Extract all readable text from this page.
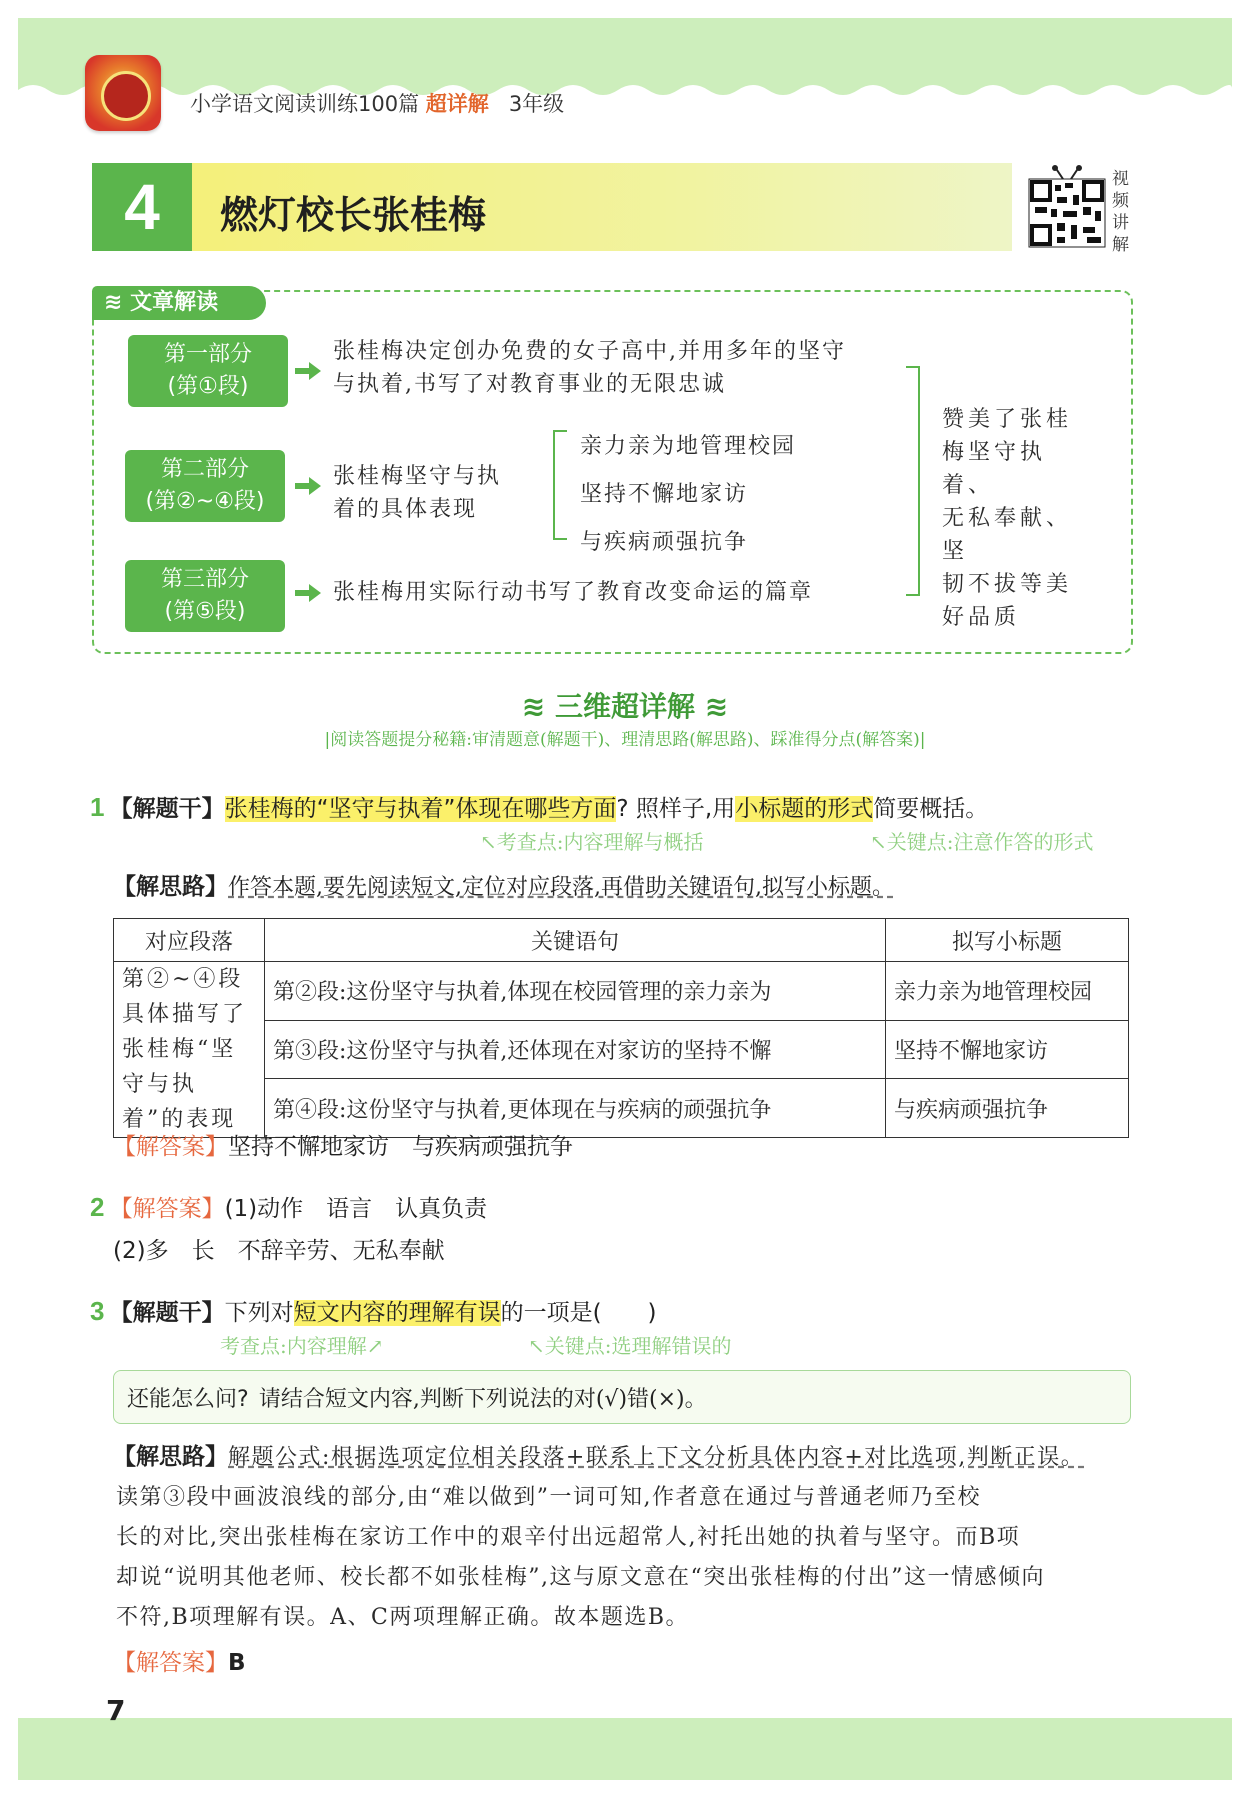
小学语文阅读训练100篇 超详解 3年级
4	燃灯校长张桂梅
视
频
讲
解
≋ 文章解读
第一部分
(第①段)
张桂梅决定创办免费的女子高中,并用多年的坚守
与执着,书写了对教育事业的无限忠诚
第二部分
(第②~④段)
张桂梅坚守与执
着的具体表现
亲力亲为地管理校园
坚持不懈地家访
与疾病顽强抗争
第三部分
(第⑤段)
张桂梅用实际行动书写了教育改变命运的篇章
赞美了张桂
梅坚守执着、
无私奉献、坚
韧不拔等美
好品质
≋ 三维超详解 ≋
|阅读答题提分秘籍:审清题意(解题干)、理清思路(解思路)、踩准得分点(解答案)|
1 【解题干】张桂梅的“坚守与执着”体现在哪些方面? 照样子,用小标题的形式简要概括。
↖考查点:内容理解与概括	↖关键点:注意作答的形式
【解思路】作答本题,要先阅读短文,定位对应段落,再借助关键语句,拟写小标题。
对应段落	关键语句	拟写小标题
第②~④段具体描写了张桂梅“坚守与执着”的表现	第②段:这份坚守与执着,体现在校园管理的亲力亲为	亲力亲为地管理校园
	第③段:这份坚守与执着,还体现在对家访的坚持不懈	坚持不懈地家访
	第④段:这份坚守与执着,更体现在与疾病的顽强抗争	与疾病顽强抗争
【解答案】坚持不懈地家访　与疾病顽强抗争
2 【解答案】(1)动作　语言　认真负责
(2)多　长　不辞辛劳、无私奉献
3 【解题干】下列对短文内容的理解有误的一项是(　　)
考查点:内容理解↗	↖关键点:选理解错误的
还能怎么问? 请结合短文内容,判断下列说法的对(√)错(×)。
【解思路】解题公式:根据选项定位相关段落+联系上下文分析具体内容+对比选项,判断正误。
读第③段中画波浪线的部分,由“难以做到”一词可知,作者意在通过与普通老师乃至校
长的对比,突出张桂梅在家访工作中的艰辛付出远超常人,衬托出她的执着与坚守。而B项
却说“说明其他老师、校长都不如张桂梅”,这与原文意在“突出张桂梅的付出”这一情感倾向
不符,B项理解有误。A、C两项理解正确。故本题选B。
【解答案】B
7
